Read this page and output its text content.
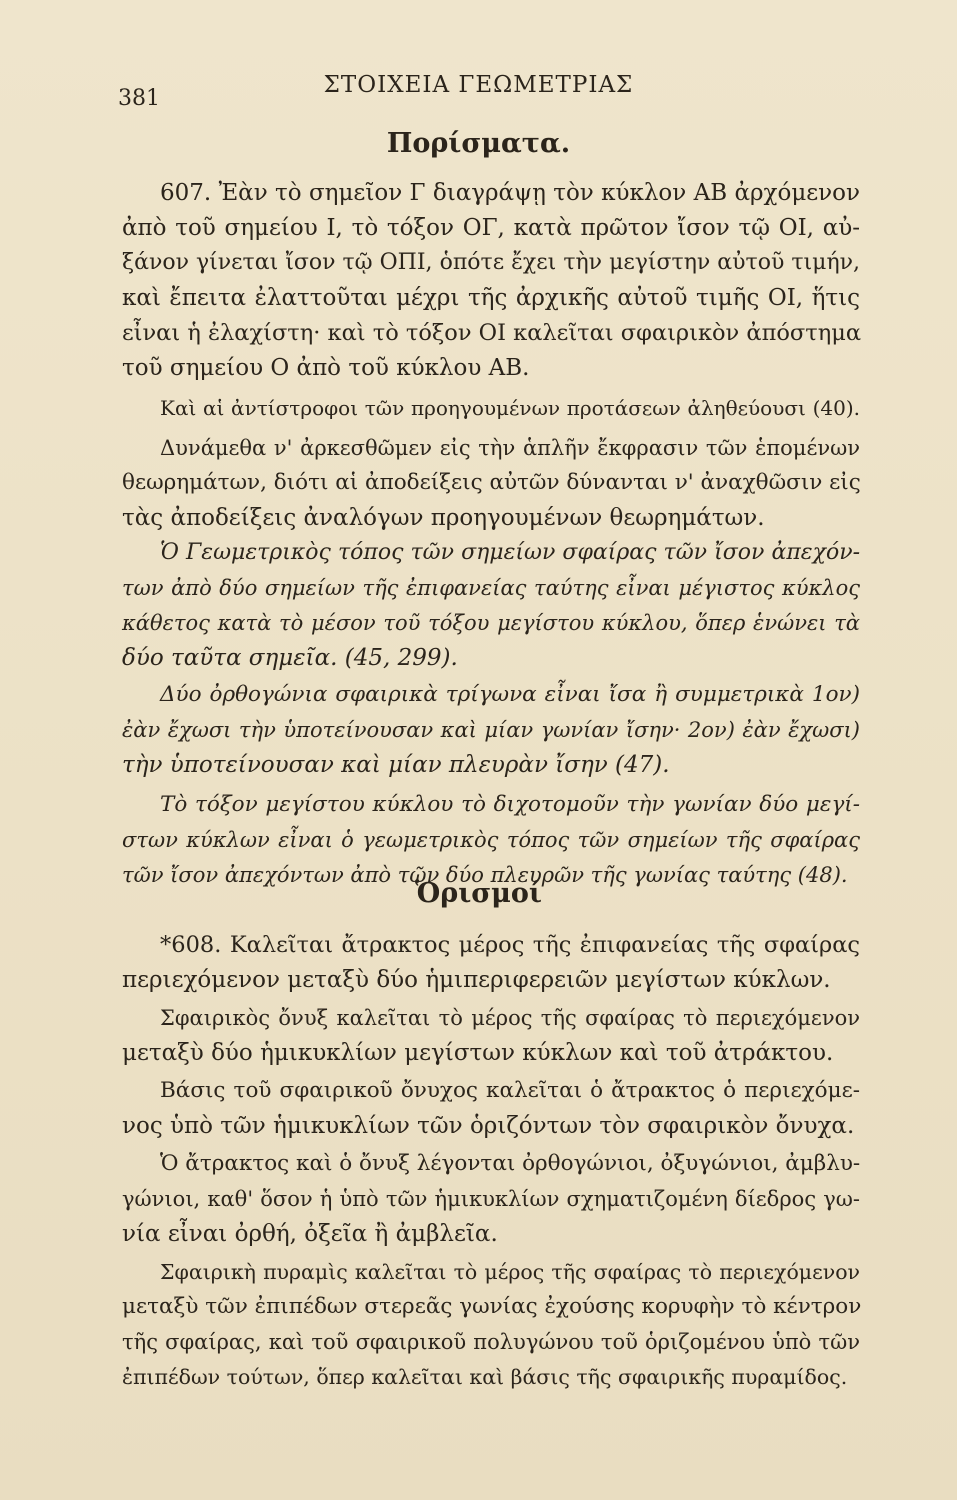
381
ΣΤΟΙΧΕΙΑ ΓΕΩΜΕΤΡΙΑΣ
Πορίσματα.
607. Ἐὰν τὸ σημεῖον Γ διαγράψῃ τὸν κύκλον ΑΒ ἀρχόμενον
ἀπὸ τοῦ σημείου Ι, τὸ τόξον ΟΓ, κατὰ πρῶτον ἴσον τῷ ΟΙ, αὐ-
ξάνον γίνεται ἴσον τῷ ΟΠΙ, ὁπότε ἔχει τὴν μεγίστην αὐτοῦ τιμήν,
καὶ ἔπειτα ἐλαττοῦται μέχρι τῆς ἀρχικῆς αὐτοῦ τιμῆς ΟΙ, ἥτις
εἶναι ἡ ἐλαχίστη· καὶ τὸ τόξον ΟΙ καλεῖται σφαιρικὸν ἀπόστημα
τοῦ σημείου Ο ἀπὸ τοῦ κύκλου ΑΒ.
Καὶ αἱ ἀντίστροφοι τῶν προηγουμένων προτάσεων ἀληθεύουσι (40).
Δυνάμεθα ν' ἀρκεσθῶμεν εἰς τὴν ἁπλῆν ἔκφρασιν τῶν ἑπομένων
θεωρημάτων, διότι αἱ ἀποδείξεις αὐτῶν δύνανται ν' ἀναχθῶσιν εἰς
τὰς ἀποδείξεις ἀναλόγων προηγουμένων θεωρημάτων.
Ὁ Γεωμετρικὸς τόπος τῶν σημείων σφαίρας τῶν ἴσον ἀπεχόν-
των ἀπὸ δύο σημείων τῆς ἐπιφανείας ταύτης εἶναι μέγιστος κύκλος
κάθετος κατὰ τὸ μέσον τοῦ τόξου μεγίστου κύκλου, ὅπερ ἑνώνει τὰ
δύο ταῦτα σημεῖα. (45, 299).
Δύο ὀρθογώνια σφαιρικὰ τρίγωνα εἶναι ἴσα ἢ συμμετρικὰ 1ον)
ἐὰν ἔχωσι τὴν ὑποτείνουσαν καὶ μίαν γωνίαν ἴσην· 2ον) ἐὰν ἔχωσι)
τὴν ὑποτείνουσαν καὶ μίαν πλευρὰν ἴσην (47).
Τὸ τόξον μεγίστου κύκλου τὸ διχοτομοῦν τὴν γωνίαν δύο μεγί-
στων κύκλων εἶναι ὁ γεωμετρικὸς τόπος τῶν σημείων τῆς σφαίρας
τῶν ἴσον ἀπεχόντων ἀπὸ τῶν δύο πλευρῶν τῆς γωνίας ταύτης (48).
Ὁρισμοί
*608. Καλεῖται ἄτρακτος μέρος τῆς ἐπιφανείας τῆς σφαίρας
περιεχόμενον μεταξὺ δύο ἡμιπεριφερειῶν μεγίστων κύκλων.
Σφαιρικὸς ὄνυξ καλεῖται τὸ μέρος τῆς σφαίρας τὸ περιεχόμενον
μεταξὺ δύο ἡμικυκλίων μεγίστων κύκλων καὶ τοῦ ἀτράκτου.
Βάσις τοῦ σφαιρικοῦ ὄνυχος καλεῖται ὁ ἄτρακτος ὁ περιεχόμε-
νος ὑπὸ τῶν ἡμικυκλίων τῶν ὁριζόντων τὸν σφαιρικὸν ὄνυχα.
Ὁ ἄτρακτος καὶ ὁ ὄνυξ λέγονται ὀρθογώνιοι, ὀξυγώνιοι, ἀμβλυ-
γώνιοι, καθ' ὅσον ἡ ὑπὸ τῶν ἡμικυκλίων σχηματιζομένη δίεδρος γω-
νία εἶναι ὀρθή, ὀξεῖα ἢ ἀμβλεῖα.
Σφαιρικὴ πυραμὶς καλεῖται τὸ μέρος τῆς σφαίρας τὸ περιεχόμενον
μεταξὺ τῶν ἐπιπέδων στερεᾶς γωνίας ἐχούσης κορυφὴν τὸ κέντρον
τῆς σφαίρας, καὶ τοῦ σφαιρικοῦ πολυγώνου τοῦ ὁριζομένου ὑπὸ τῶν
ἐπιπέδων τούτων, ὅπερ καλεῖται καὶ βάσις τῆς σφαιρικῆς πυραμίδος.
